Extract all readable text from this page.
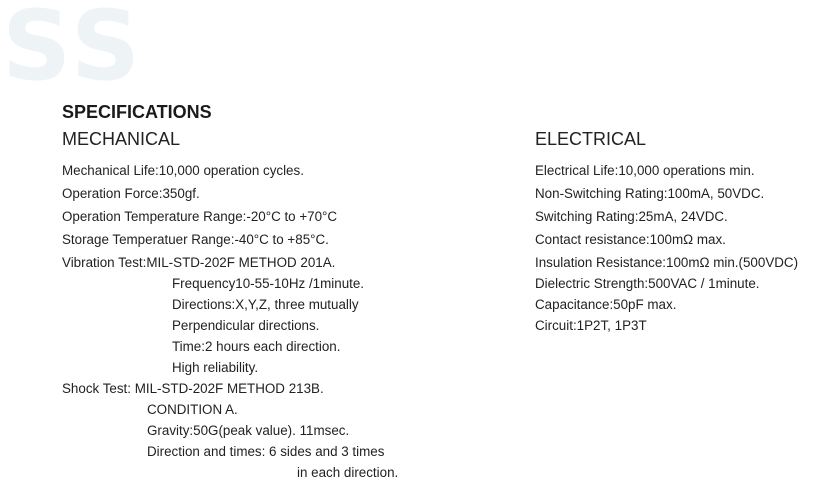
SS
SPECIFICATIONS
MECHANICAL
Mechanical Life:10,000 operation cycles.
Operation Force:350gf.
Operation Temperature Range:-20°C to +70°C
Storage Temperatuer Range:-40°C to +85°C.
Vibration Test:MIL-STD-202F METHOD 201A.
Frequency10-55-10Hz /1minute.
Directions:X,Y,Z, three mutually
Perpendicular directions.
Time:2 hours each direction.
High reliability.
Shock Test: MIL-STD-202F METHOD 213B.
CONDITION A.
Gravity:50G(peak value). 11msec.
Direction and times: 6 sides and 3 times
in each direction.
ELECTRICAL
Electrical Life:10,000 operations min.
Non-Switching Rating:100mA, 50VDC.
Switching Rating:25mA, 24VDC.
Contact resistance:100mΩ max.
Insulation Resistance:100mΩ min.(500VDC)
Dielectric Strength:500VAC / 1minute.
Capacitance:50pF max.
Circuit:1P2T, 1P3T
